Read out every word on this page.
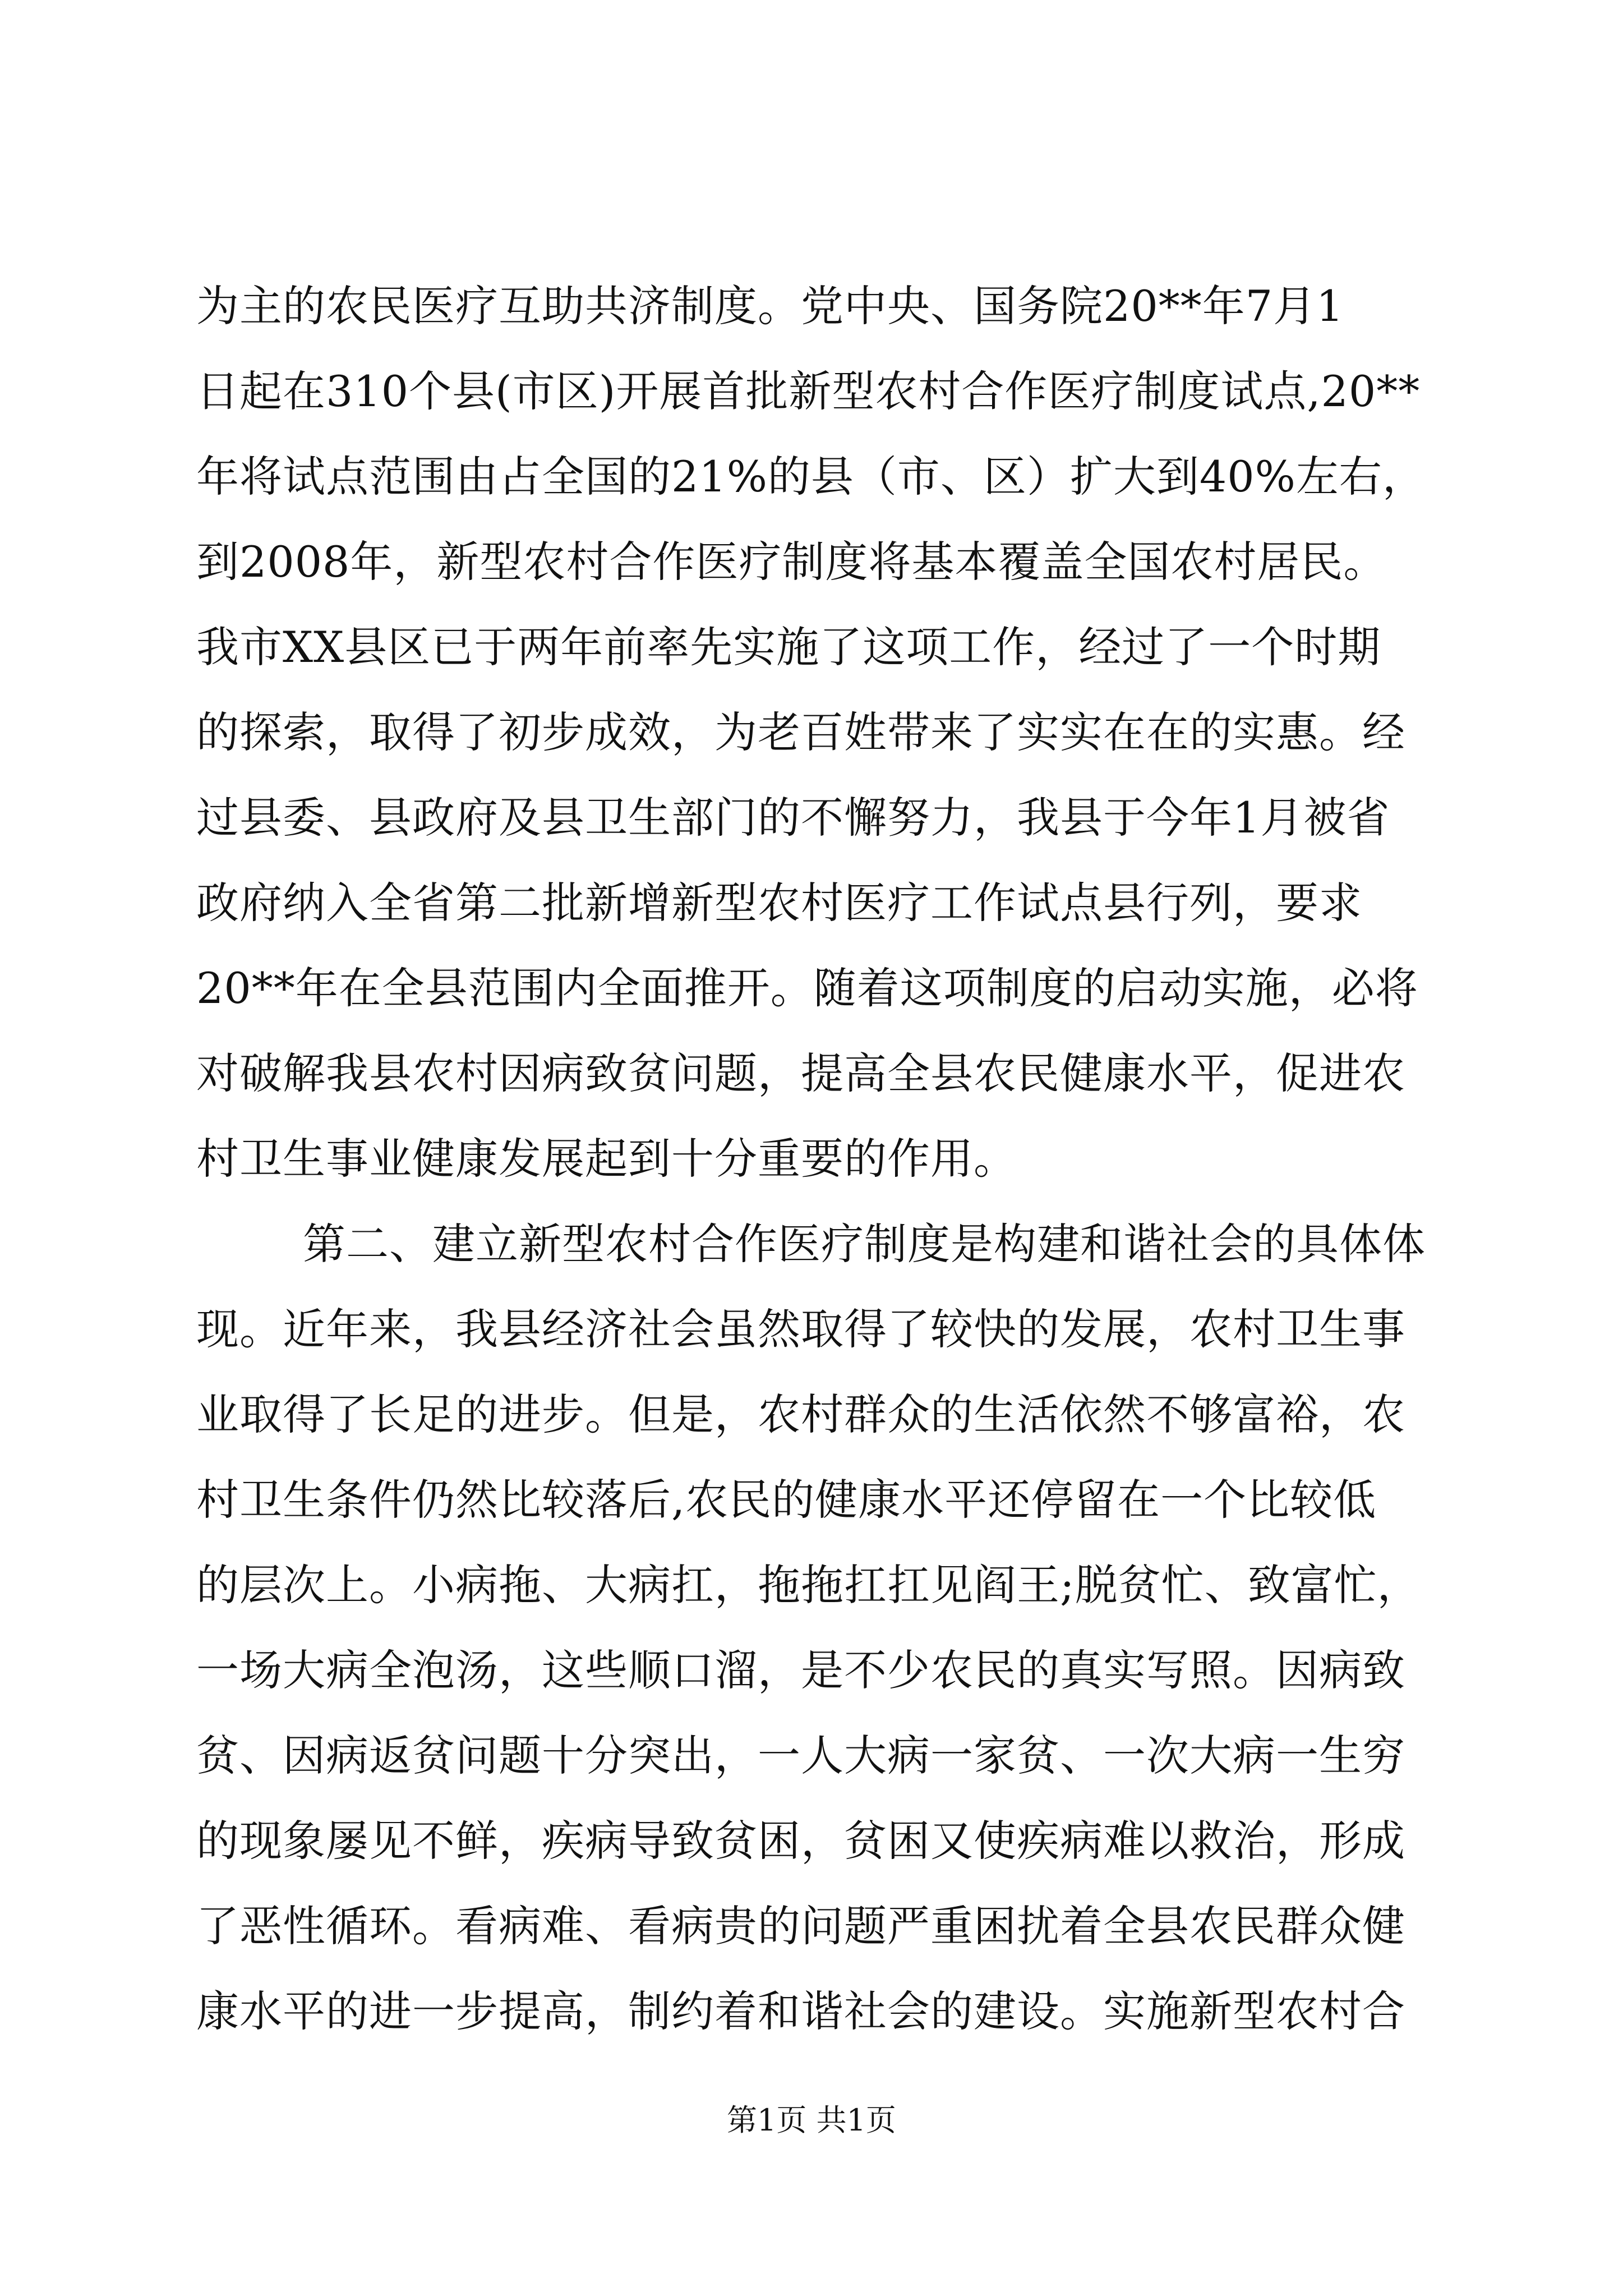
为主的农民医疗互助共济制度。党中央、国务院20**年7月1
日起在310个县(市区)开展首批新型农村合作医疗制度试点,20**
年将试点范围由占全国的21%的县（市、区）扩大到40%左右，
到2008年，新型农村合作医疗制度将基本覆盖全国农村居民。
我市XX县区已于两年前率先实施了这项工作，经过了一个时期
的探索，取得了初步成效，为老百姓带来了实实在在的实惠。经
过县委、县政府及县卫生部门的不懈努力，我县于今年1月被省
政府纳入全省第二批新增新型农村医疗工作试点县行列，要求
20**年在全县范围内全面推开。随着这项制度的启动实施，必将
对破解我县农村因病致贫问题，提高全县农民健康水平，促进农
村卫生事业健康发展起到十分重要的作用。
第二、建立新型农村合作医疗制度是构建和谐社会的具体体
现。近年来，我县经济社会虽然取得了较快的发展，农村卫生事
业取得了长足的进步。但是，农村群众的生活依然不够富裕，农
村卫生条件仍然比较落后,农民的健康水平还停留在一个比较低
的层次上。小病拖、大病扛，拖拖扛扛见阎王;脱贫忙、致富忙，
一场大病全泡汤，这些顺口溜，是不少农民的真实写照。因病致
贫、因病返贫问题十分突出，一人大病一家贫、一次大病一生穷
的现象屡见不鲜，疾病导致贫困，贫困又使疾病难以救治，形成
了恶性循环。看病难、看病贵的问题严重困扰着全县农民群众健
康水平的进一步提高，制约着和谐社会的建设。实施新型农村合
第1页 共1页
